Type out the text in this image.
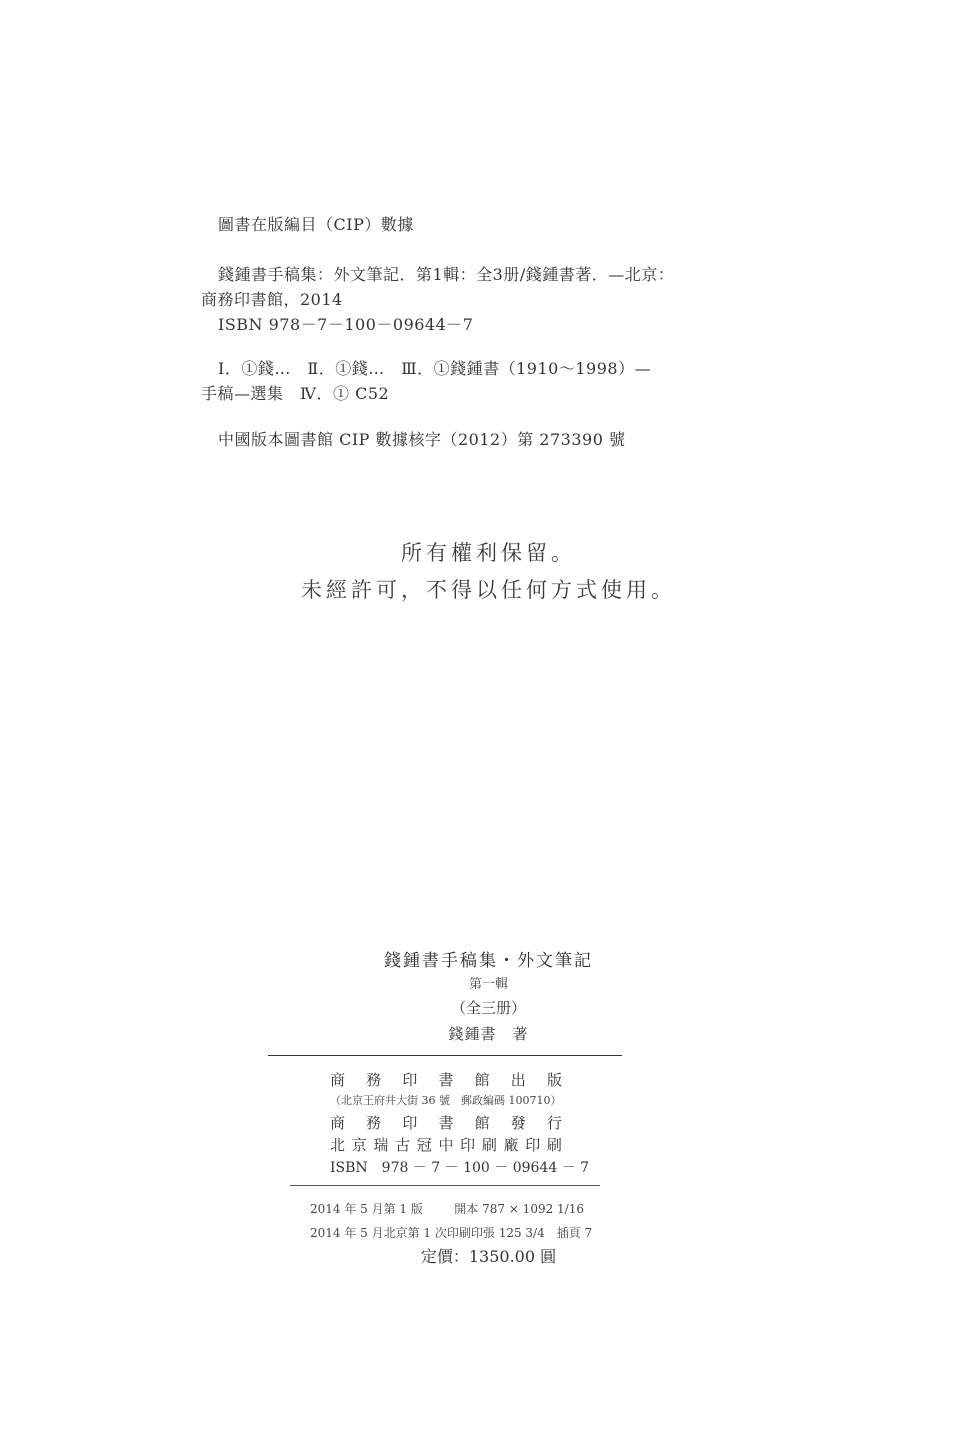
圖書在版編目（CIP）數據
錢鍾書手稿集：外文筆記．第1輯：全3册/錢鍾書著．—北京：
商務印書館，2014
ISBN 978－7－100－09644－7
Ⅰ．①錢…　Ⅱ．①錢…　Ⅲ．①錢鍾書（1910～1998）—
手稿—選集　Ⅳ．① C52
中國版本圖書館 CIP 數據核字（2012）第 273390 號
所有權利保留。
未經許可，不得以任何方式使用。
錢鍾書手稿集・外文筆記
第一輯
（全三册）
錢鍾書　著
商 務 印 書 館 出 版
（北京王府井大街 36 號　郵政編碼 100710）
商 務 印 書 館 發 行
北 京 瑞 古 冠 中 印 刷 廠 印 刷
ISBN　978 － 7 － 100 － 09644 － 7
2014 年 5 月第 1 版	開本 787 × 1092 1/16
2014 年 5 月北京第 1 次印刷 印張 125 3/4　插頁 7
定價：1350.00 圓
